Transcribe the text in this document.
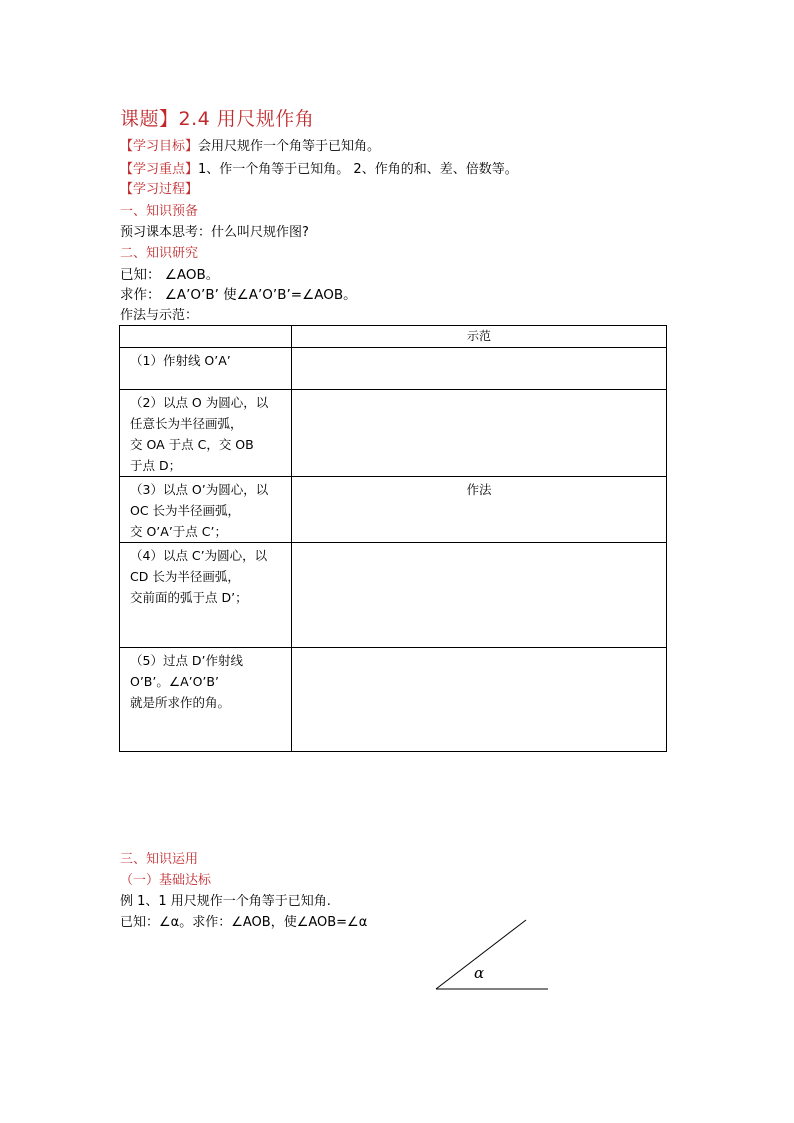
课题】2.4 用尺规作角
【学习目标】会用尺规作一个角等于已知角。
【学习重点】1、作一个角等于已知角。 2、作角的和、差、倍数等。
【学习过程】
一、知识预备
预习课本思考：什么叫尺规作图?
二、知识研究
已知： ∠AOB。
求作： ∠A’O’B’ 使∠A’O’B’=∠AOB。
作法与示范：
	示范
（1）作射线 O’A’	
（2）以点 O 为圆心，以
任意长为半径画弧，
交 OA 于点 C，交 OB
于点 D；	
（3）以点 O’为圆心，以
OC 长为半径画弧，
交 O’A’于点 C’；	作法
（4）以点 C’为圆心，以
CD 长为半径画弧，
交前面的弧于点 D’；	
（5）过点 D’作射线
O’B’。∠A’O’B’
就是所求作的角。	
三、知识运用
（一）基础达标
例 1、1 用尺规作一个角等于已知角.
已知：∠α。求作：∠AOB，使∠AOB=∠α
α
